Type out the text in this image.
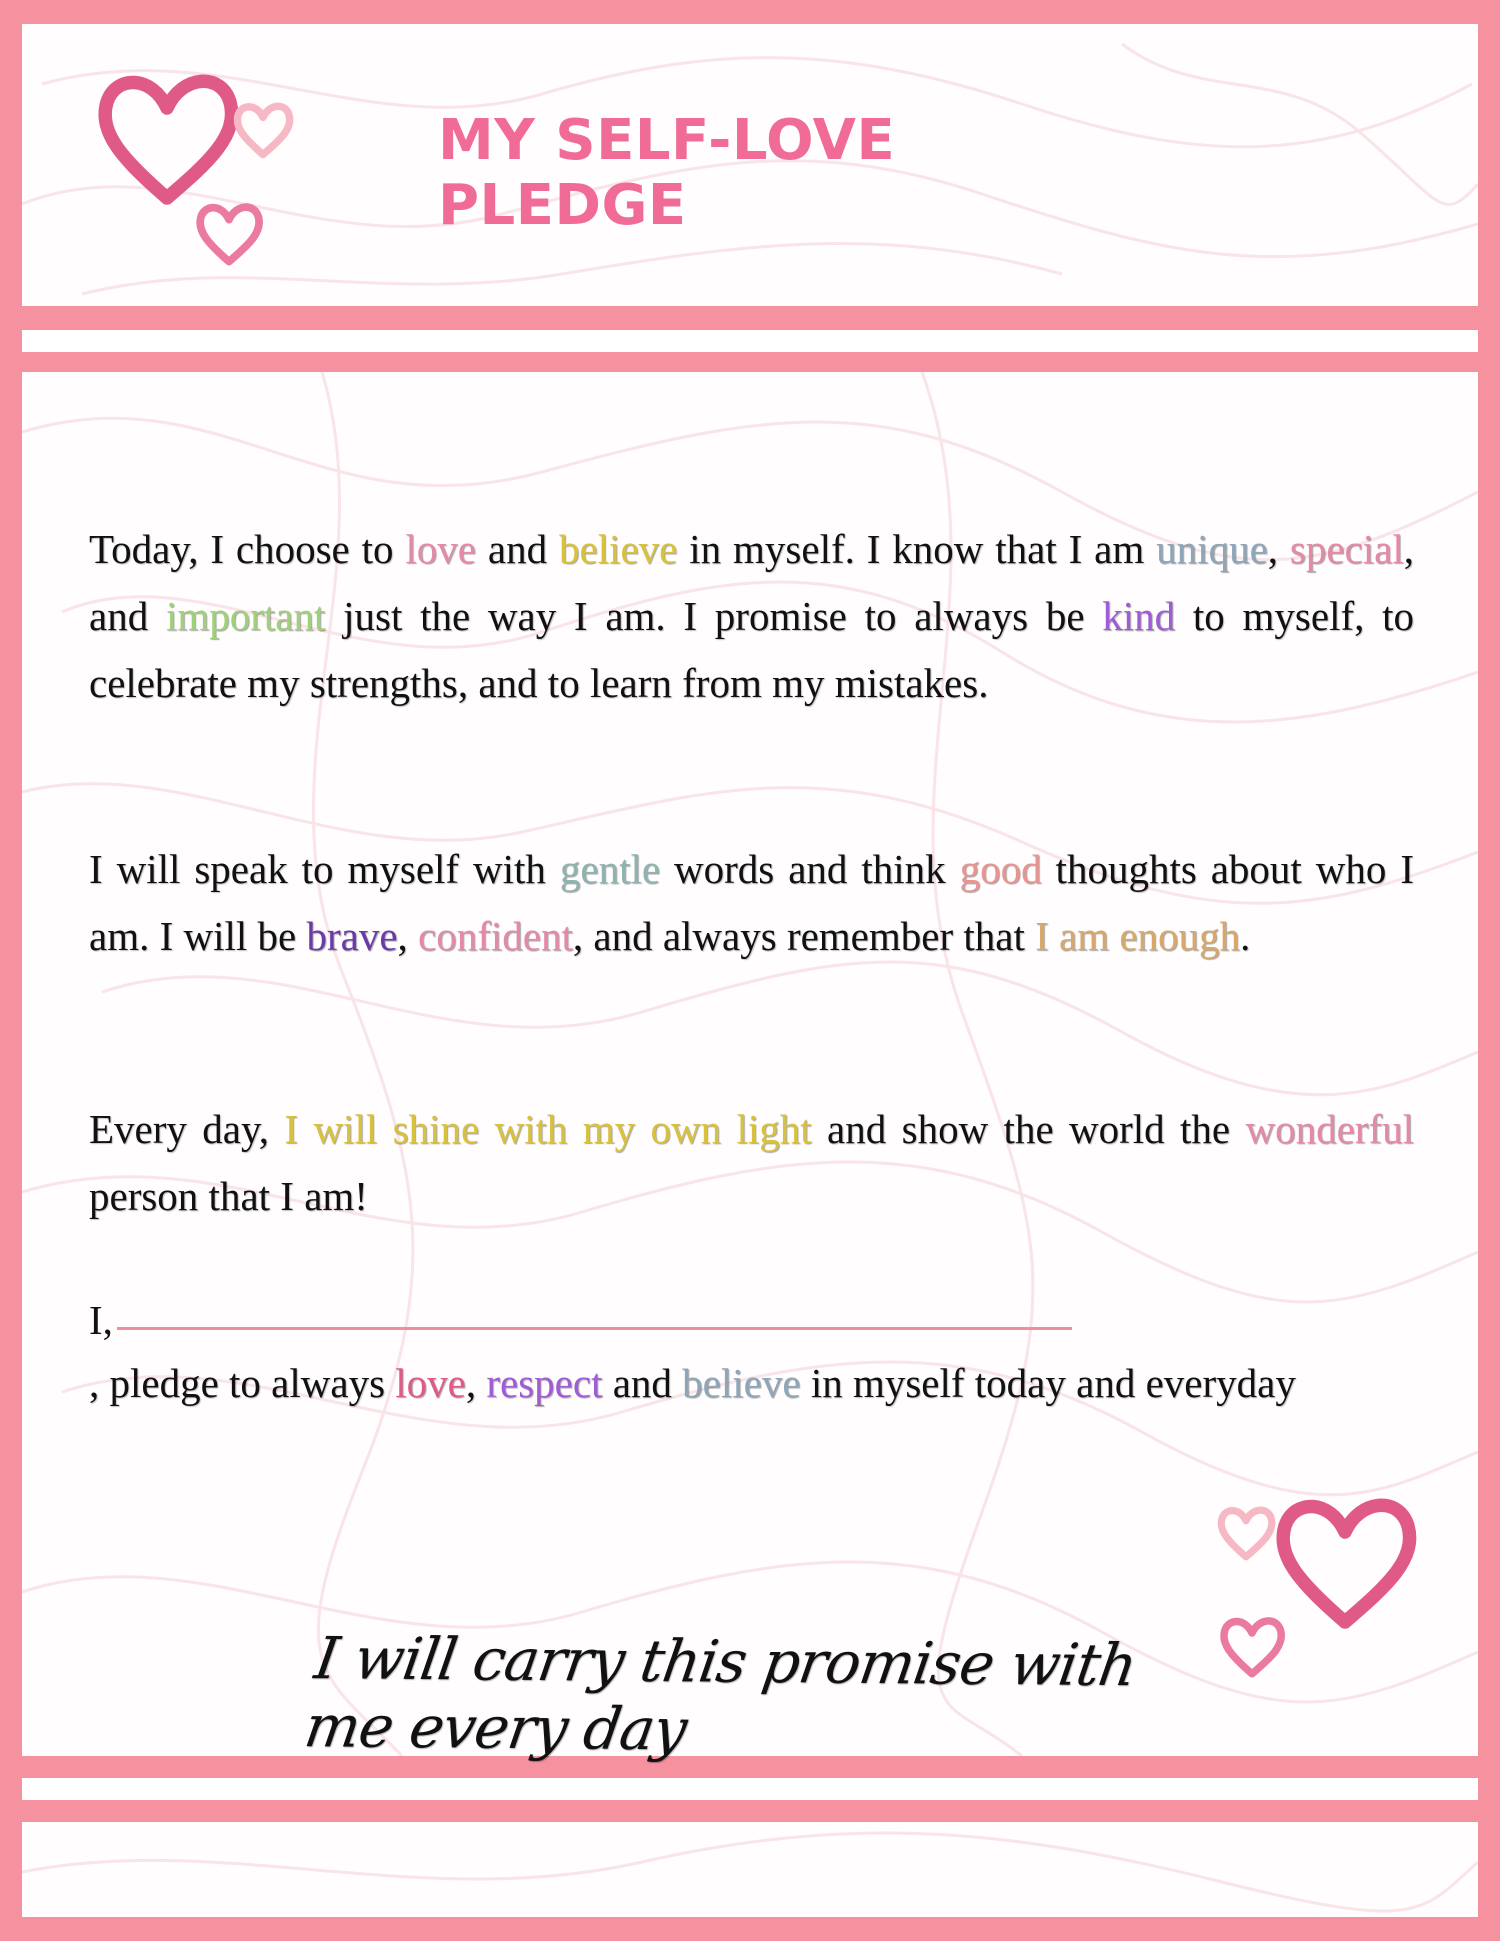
MY SELF-LOVE PLEDGE

Today, I choose to love and believe in myself. I know that I am unique, special, and important just the way I am. I promise to always be kind to myself, to celebrate my strengths, and to learn from my mistakes.

I will speak to myself with gentle words and think good thoughts about who I am. I will be brave, confident, and always remember that I am enough.

Every day, I will shine with my own light and show the world the wonderful person that I am!

I,

, pledge to always love, respect and believe in myself today and everyday

I will carry this promise with me every day
